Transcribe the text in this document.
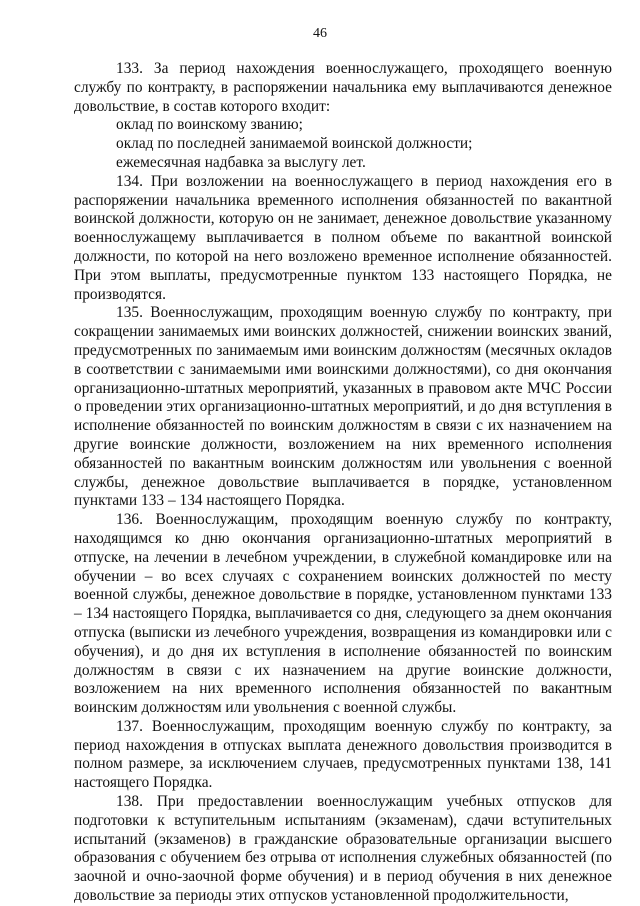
46

133. За период нахождения военнослужащего, проходящего военную службу по контракту, в распоряжении начальника ему выплачиваются денежное довольствие, в состав которого входит:

оклад по воинскому званию;

оклад по последней занимаемой воинской должности;

ежемесячная надбавка за выслугу лет.

134. При возложении на военнослужащего в период нахождения его в распоряжении начальника временного исполнения обязанностей по вакантной воинской должности, которую он не занимает, денежное довольствие указанному военнослужащему выплачивается в полном объеме по вакантной воинской должности, по которой на него возложено временное исполнение обязанностей. При этом выплаты, предусмотренные пунктом 133 настоящего Порядка, не производятся.

135. Военнослужащим, проходящим военную службу по контракту, при сокращении занимаемых ими воинских должностей, снижении воинских званий, предусмотренных по занимаемым ими воинским должностям (месячных окладов в соответствии с занимаемыми ими воинскими должностями), со дня окончания организационно-штатных мероприятий, указанных в правовом акте МЧС России о проведении этих организационно-штатных мероприятий, и до дня вступления в исполнение обязанностей по воинским должностям в связи с их назначением на другие воинские должности, возложением на них временного исполнения обязанностей по вакантным воинским должностям или увольнения с военной службы, денежное довольствие выплачивается в порядке, установленном пунктами 133 – 134 настоящего Порядка.

136. Военнослужащим, проходящим военную службу по контракту, находящимся ко дню окончания организационно-штатных мероприятий в отпуске, на лечении в лечебном учреждении, в служебной командировке или на обучении – во всех случаях с сохранением воинских должностей по месту военной службы, денежное довольствие в порядке, установленном пунктами 133 – 134 настоящего Порядка, выплачивается со дня, следующего за днем окончания отпуска (выписки из лечебного учреждения, возвращения из командировки или с обучения), и до дня их вступления в исполнение обязанностей по воинским должностям в связи с их назначением на другие воинские должности, возложением на них временного исполнения обязанностей по вакантным воинским должностям или увольнения с военной службы.

137. Военнослужащим, проходящим военную службу по контракту, за период нахождения в отпусках выплата денежного довольствия производится в полном размере, за исключением случаев, предусмотренных пунктами 138, 141 настоящего Порядка.

138. При предоставлении военнослужащим учебных отпусков для подготовки к вступительным испытаниям (экзаменам), сдачи вступительных испытаний (экзаменов) в гражданские образовательные организации высшего образования с обучением без отрыва от исполнения служебных обязанностей (по заочной и очно-заочной форме обучения) и в период обучения в них денежное довольствие за периоды этих отпусков установленной продолжительности,
